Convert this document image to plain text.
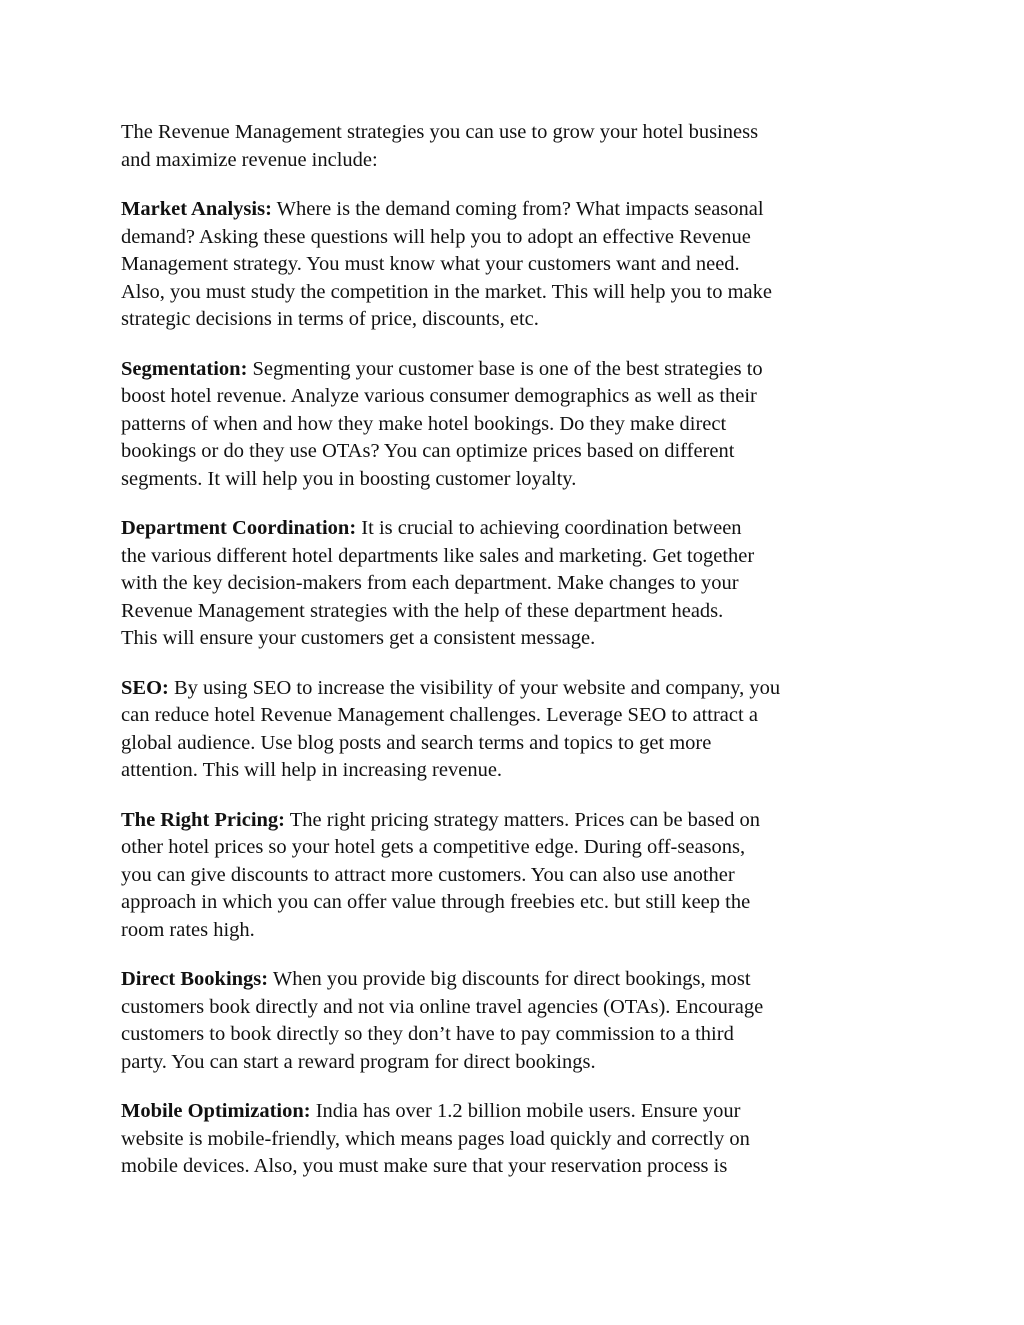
The Revenue Management strategies you can use to grow your hotel business
and maximize revenue include:

Market Analysis: Where is the demand coming from? What impacts seasonal
demand? Asking these questions will help you to adopt an effective Revenue
Management strategy. You must know what your customers want and need.
Also, you must study the competition in the market. This will help you to make
strategic decisions in terms of price, discounts, etc.

Segmentation: Segmenting your customer base is one of the best strategies to
boost hotel revenue. Analyze various consumer demographics as well as their
patterns of when and how they make hotel bookings. Do they make direct
bookings or do they use OTAs? You can optimize prices based on different
segments. It will help you in boosting customer loyalty.

Department Coordination: It is crucial to achieving coordination between
the various different hotel departments like sales and marketing. Get together
with the key decision-makers from each department. Make changes to your
Revenue Management strategies with the help of these department heads.
This will ensure your customers get a consistent message.

SEO: By using SEO to increase the visibility of your website and company, you
can reduce hotel Revenue Management challenges. Leverage SEO to attract a
global audience. Use blog posts and search terms and topics to get more
attention. This will help in increasing revenue.

The Right Pricing: The right pricing strategy matters. Prices can be based on
other hotel prices so your hotel gets a competitive edge. During off-seasons,
you can give discounts to attract more customers. You can also use another
approach in which you can offer value through freebies etc. but still keep the
room rates high.

Direct Bookings: When you provide big discounts for direct bookings, most
customers book directly and not via online travel agencies (OTAs). Encourage
customers to book directly so they don’t have to pay commission to a third
party. You can start a reward program for direct bookings.

Mobile Optimization: India has over 1.2 billion mobile users. Ensure your
website is mobile-friendly, which means pages load quickly and correctly on
mobile devices. Also, you must make sure that your reservation process is
